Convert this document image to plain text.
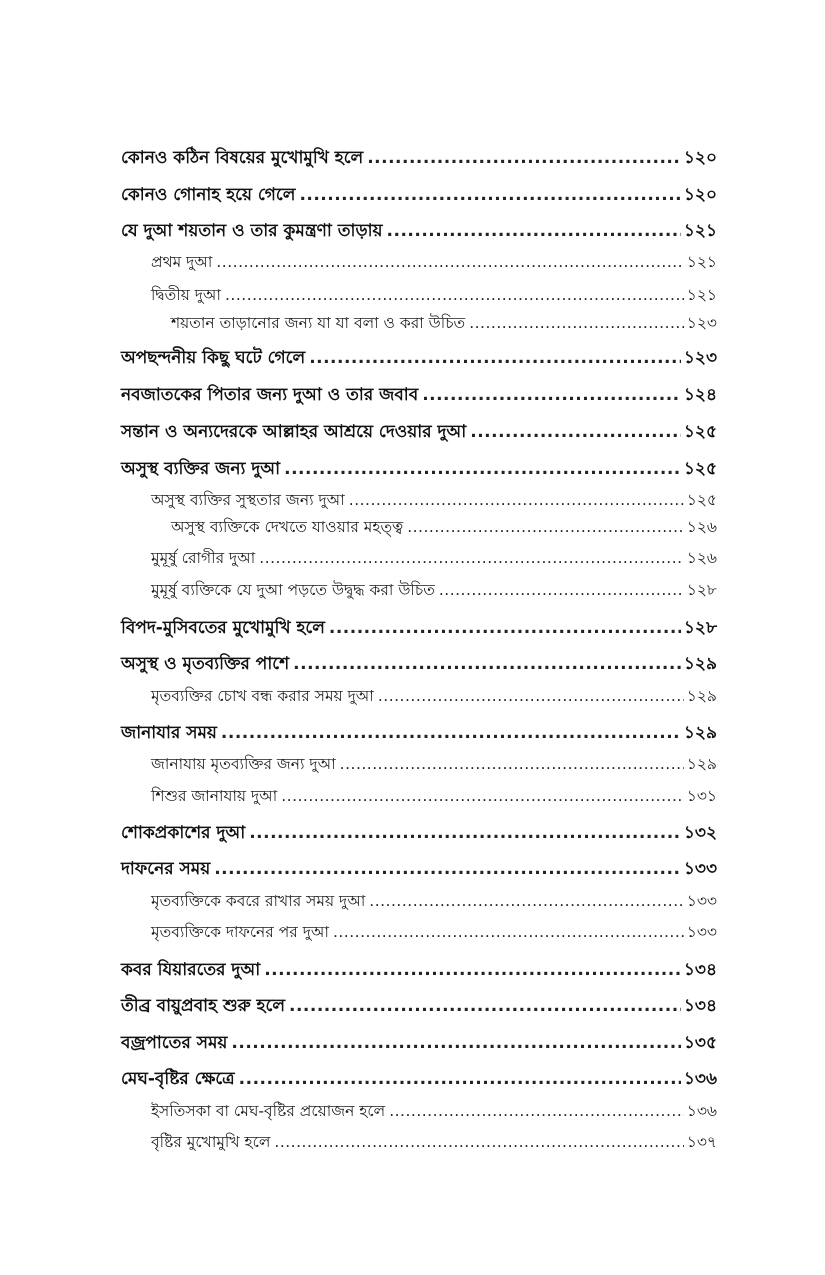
কোনও কঠিন বিষয়ের মুখোমুখি হলে .....	১২০
কোনও গোনাহ হয়ে গেলে .....	১২০
যে দুআ শয়তান ও তার কুমন্ত্রণা তাড়ায় .....	১২১
প্রথম দুআ .....	১২১
দ্বিতীয় দুআ .....	১২১
শয়তান তাড়ানোর জন্য যা যা বলা ও করা উচিত .....	১২৩
অপছন্দনীয় কিছু ঘটে গেলে .....	১২৩
নবজাতকের পিতার জন্য দুআ ও তার জবাব .....	১২৪
সন্তান ও অন্যদেরকে আল্লাহর আশ্রয়ে দেওয়ার দুআ .....	১২৫
অসুস্থ ব্যক্তির জন্য দুআ .....	১২৫
অসুস্থ ব্যক্তির সুস্থতার জন্য দুআ .....	১২৫
অসুস্থ ব্যক্তিকে দেখতে যাওয়ার মহত্ত্ব .....	১২৬
মুমূর্ষু রোগীর দুআ .....	১২৬
মুমূর্ষু ব্যক্তিকে যে দুআ পড়তে উদ্বুদ্ধ করা উচিত .....	১২৮
বিপদ-মুসিবতের মুখোমুখি হলে .....	১২৮
অসুস্থ ও মৃতব্যক্তির পাশে .....	১২৯
মৃতব্যক্তির চোখ বন্ধ করার সময় দুআ .....	১২৯
জানাযার সময় .....	১২৯
জানাযায় মৃতব্যক্তির জন্য দুআ .....	১২৯
শিশুর জানাযায় দুআ .....	১৩১
শোকপ্রকাশের দুআ .....	১৩২
দাফনের সময় .....	১৩৩
মৃতব্যক্তিকে কবরে রাখার সময় দুআ .....	১৩৩
মৃতব্যক্তিকে দাফনের পর দুআ .....	১৩৩
কবর যিয়ারতের দুআ .....	১৩৪
তীব্র বায়ুপ্রবাহ শুরু হলে .....	১৩৪
বজ্রপাতের সময় .....	১৩৫
মেঘ-বৃষ্টির ক্ষেত্রে .....	১৩৬
ইসতিসকা বা মেঘ-বৃষ্টির প্রয়োজন হলে .....	১৩৬
বৃষ্টির মুখোমুখি হলে .....	১৩৭
